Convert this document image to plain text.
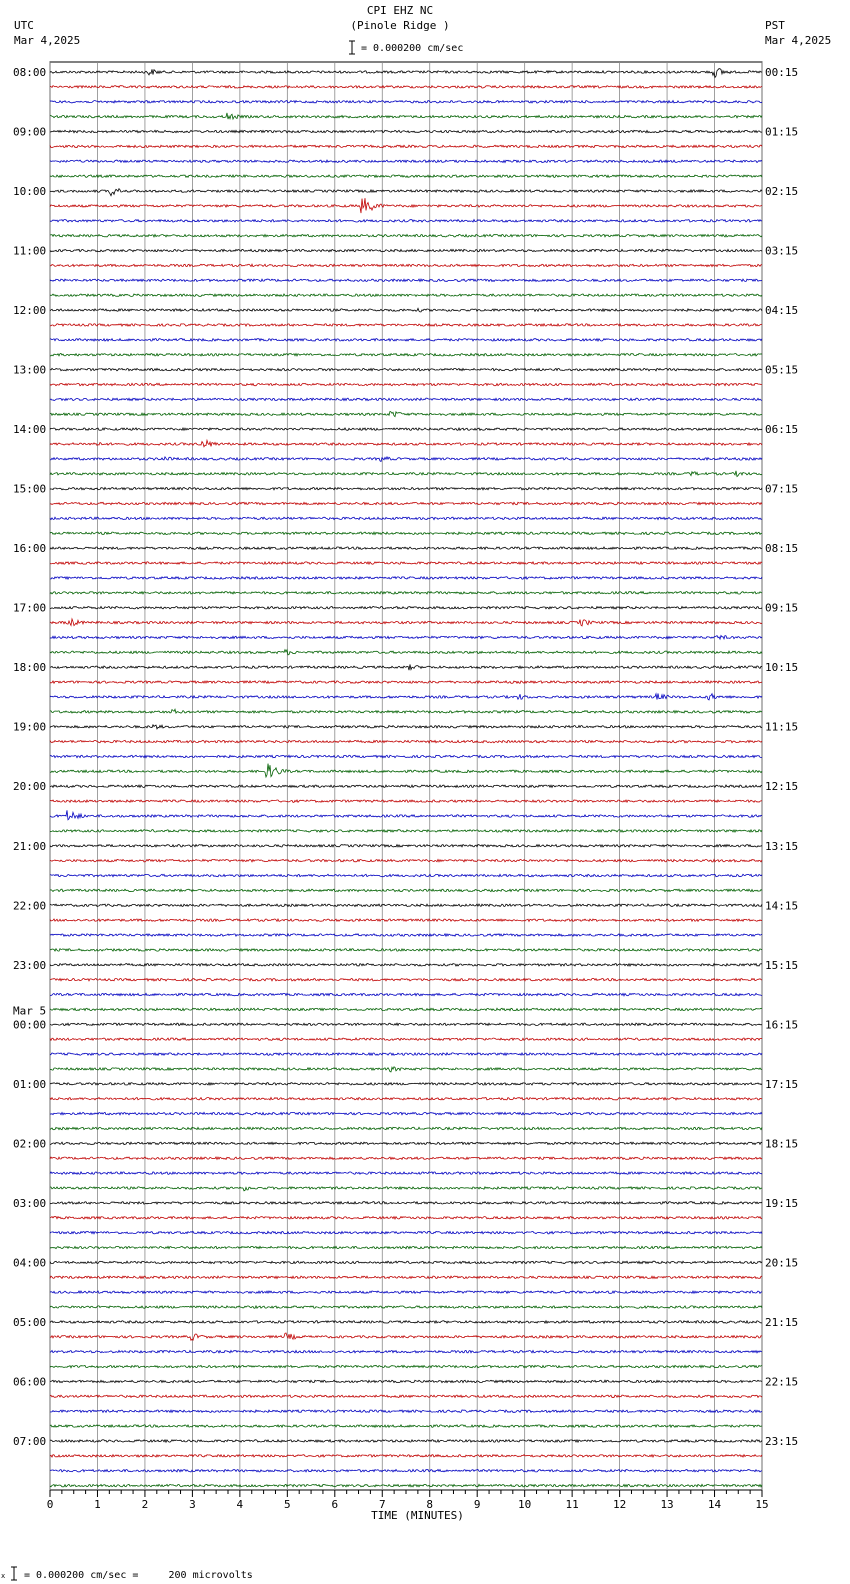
CPI EHZ NC
(Pinole Ridge )
= 0.000200 cm/sec
UTC
Mar 4,2025
PST
Mar 4,2025
08:00	00:15
09:00	01:15
10:00	02:15
11:00	03:15
12:00	04:15
13:00	05:15
14:00	06:15
15:00	07:15
16:00	08:15
17:00	09:15
18:00	10:15
19:00	11:15
20:00	12:15
21:00	13:15
22:00	14:15
23:00	15:15
00:00	16:15
01:00	17:15
02:00	18:15
03:00	19:15
04:00	20:15
05:00	21:15
06:00	22:15
07:00	23:15
Mar 5
0	1	2	3	4	5	6	7	8	9	10	11	12	13	14	15
TIME (MINUTES)
x = 0.000200 cm/sec =     200 microvolts
